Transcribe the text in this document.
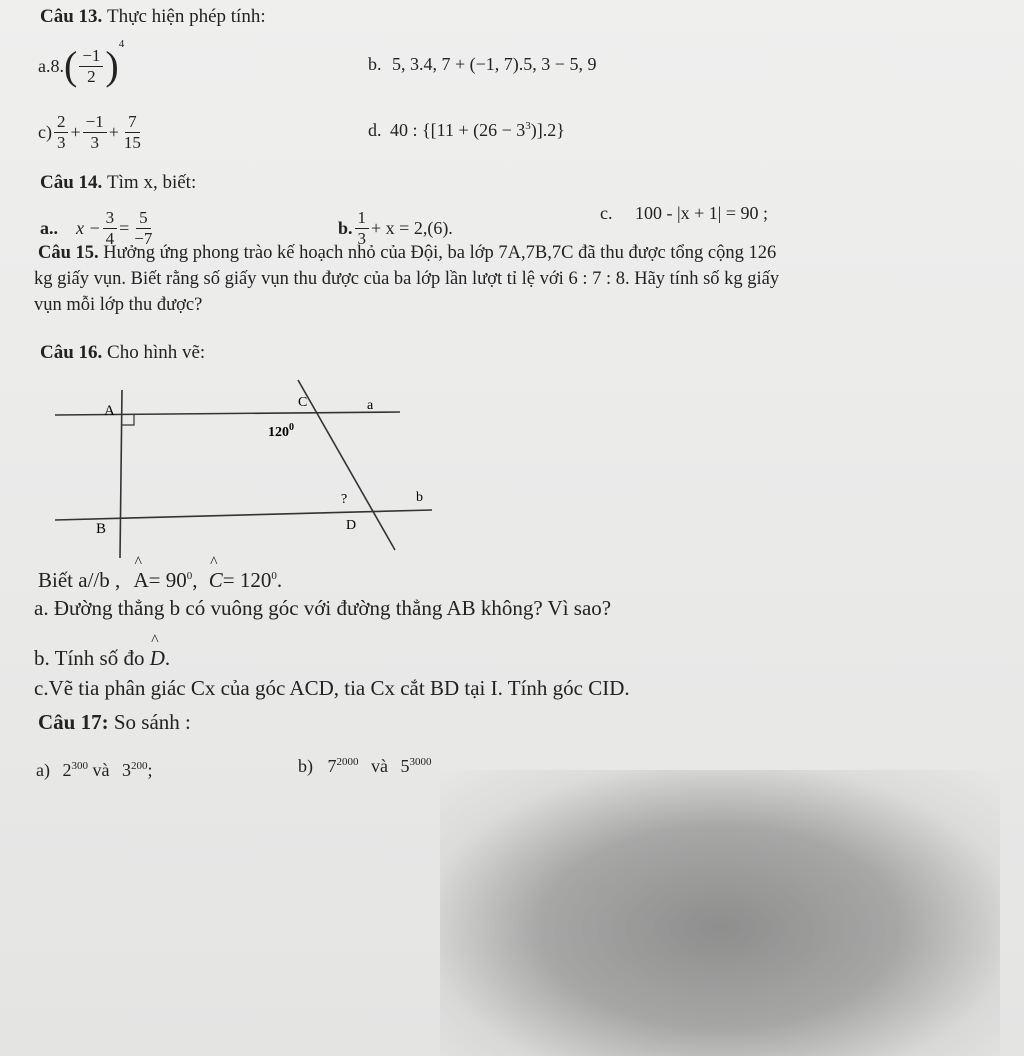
Câu 13. Thực hiện phép tính:
a. 8. ( $\frac{-1}{2} )^4$
b. 5, 3.4, 7 + (−1, 7).5, 3 − 5, 9
$c) \frac{2}{3} + \frac{-1}{3} + \frac{7}{15}$	d. 40 : $\{[11 + (26 - 3^3)].2\}$
Câu 14. Tìm x, biết:
a.. $x - \frac{3}{4} = \frac{5}{-7}$	b. $\frac{1}{3} + x = 2,(6)$.
c. 100 - |x + 1| = 90 ;
Câu 15. Hưởng ứng phong trào kế hoạch nhỏ của Đội, ba lớp 7A,7B,7C đã thu được tổng cộng 126
kg giấy vụn. Biết rằng số giấy vụn thu được của ba lớp lần lượt tỉ lệ với 6 : 7 : 8. Hãy tính số kg giấy
vụn mỗi lớp thu được?
Câu 16. Cho hình vẽ:
A
B
C
D
a
b
$120^0$
?
Biết a//b , ^ $A= 90^0$, ^ $C= 120^0$.
a. Đường thẳng b có vuông góc với đường thẳng AB không? Vì sao?
b. Tính số đo ^ D.
c.Vẽ tia phân giác Cx của góc ACD, tia Cx cắt BD tại I. Tính góc CID.
Câu 17: So sánh :
a) $2^{300}$ và $3^{200}$;	b) $7^{2000}$ và $5^{3000}$
